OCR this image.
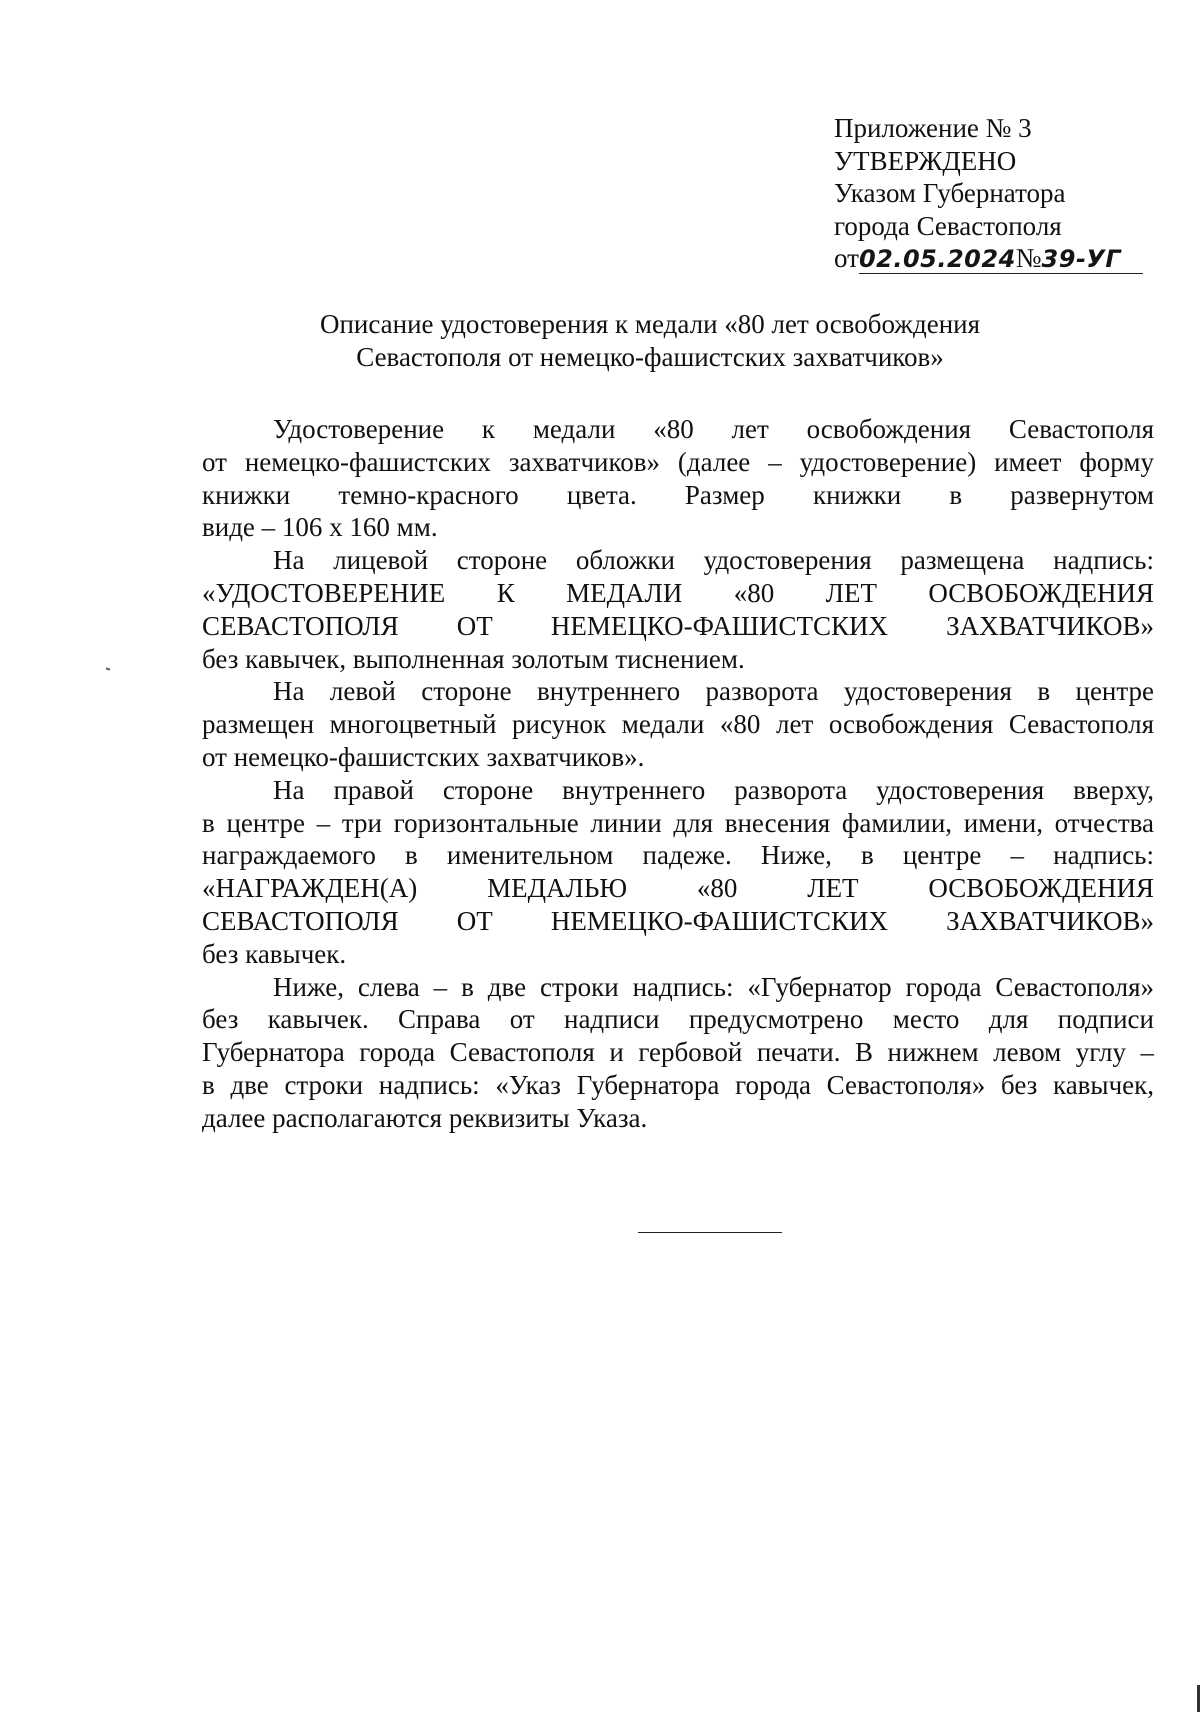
Приложение № 3
УТВЕРЖДЕНО
Указом Губернатора
города Севастополя
от02.05.2024№39-УГ
Описание удостоверения к медали «80 лет освобождения
Севастополя от немецко-фашистских захватчиков»

Удостоверение к медали «80 лет освобождения Севастополя
от немецко-фашистских захватчиков» (далее – удостоверение) имеет форму
книжки темно-красного цвета. Размер книжки в развернутом
виде – 106 х 160 мм.

На лицевой стороне обложки удостоверения размещена надпись:
«УДОСТОВЕРЕНИЕ К МЕДАЛИ «80 ЛЕТ ОСВОБОЖДЕНИЯ
СЕВАСТОПОЛЯ ОТ НЕМЕЦКО-ФАШИСТСКИХ ЗАХВАТЧИКОВ»
без кавычек, выполненная золотым тиснением.

На левой стороне внутреннего разворота удостоверения в центре
размещен многоцветный рисунок медали «80 лет освобождения Севастополя
от немецко-фашистских захватчиков».

На правой стороне внутреннего разворота удостоверения вверху,
в центре – три горизонтальные линии для внесения фамилии, имени, отчества
награждаемого в именительном падеже. Ниже, в центре – надпись:
«НАГРАЖДЕН(А) МЕДАЛЬЮ «80 ЛЕТ ОСВОБОЖДЕНИЯ
СЕВАСТОПОЛЯ ОТ НЕМЕЦКО-ФАШИСТСКИХ ЗАХВАТЧИКОВ»
без кавычек.

Ниже, слева – в две строки надпись: «Губернатор города Севастополя»
без кавычек. Справа от надписи предусмотрено место для подписи
Губернатора города Севастополя и гербовой печати. В нижнем левом углу –
в две строки надпись: «Указ Губернатора города Севастополя» без кавычек,
далее располагаются реквизиты Указа.
